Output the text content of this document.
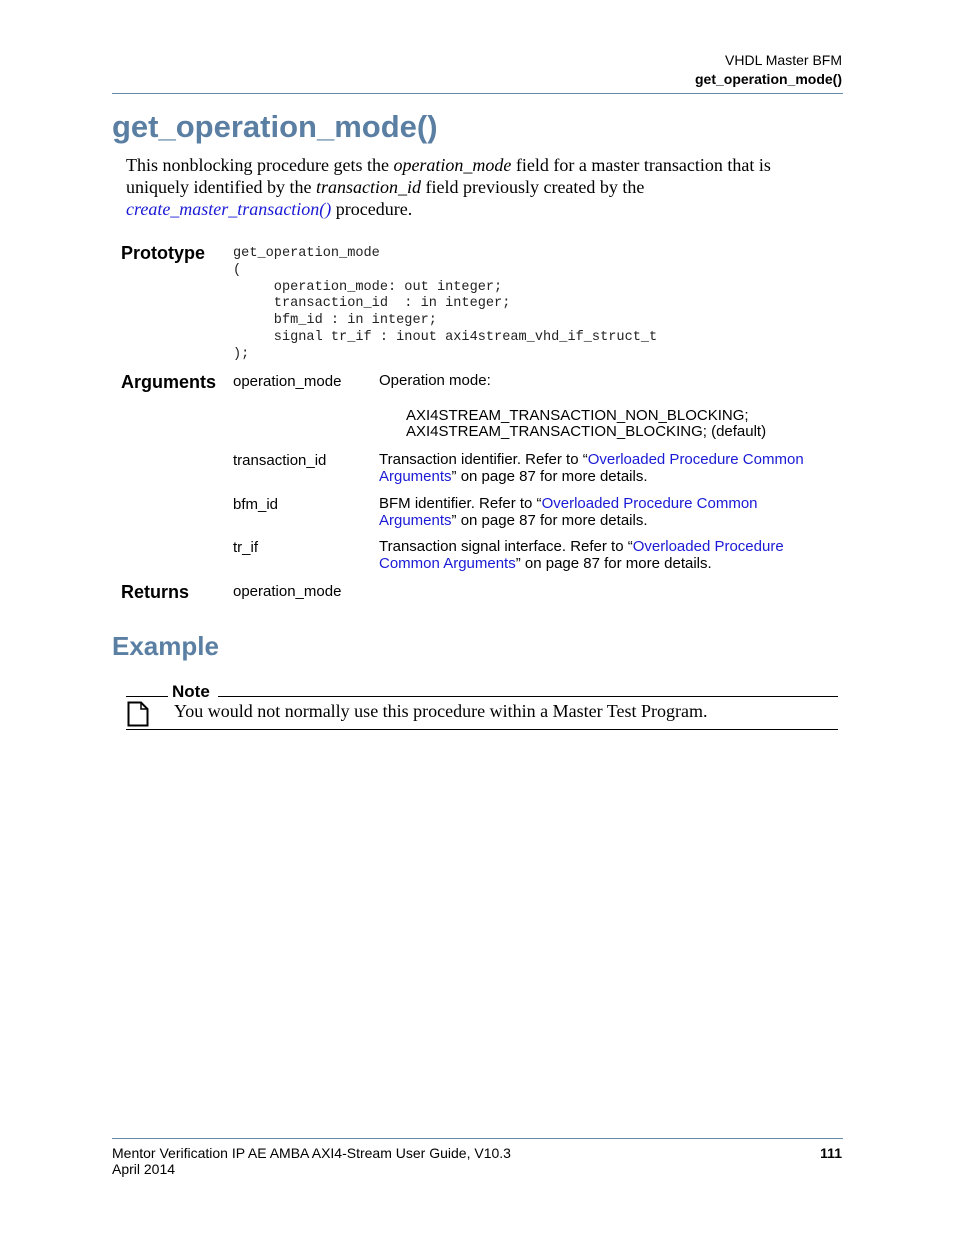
VHDL Master BFM
get_operation_mode()
get_operation_mode()
This nonblocking procedure gets the operation_mode field for a master transaction that is uniquely identified by the transaction_id field previously created by the create_master_transaction() procedure.
Prototype get_operation_mode
(
operation_mode: out integer;
transaction_id  : in integer;
bfm_id : in integer;
signal tr_if : inout axi4stream_vhd_if_struct_t
);
Arguments operation_mode	Operation mode:
AXI4STREAM_TRANSACTION_NON_BLOCKING;
AXI4STREAM_TRANSACTION_BLOCKING; (default)
transaction_id	Transaction identifier. Refer to “Overloaded Procedure Common Arguments” on page 87 for more details.
bfm_id	BFM identifier. Refer to “Overloaded Procedure Common Arguments” on page 87 for more details.
tr_if	Transaction signal interface. Refer to “Overloaded Procedure Common Arguments” on page 87 for more details.
Returns	operation_mode
Example
Note
You would not normally use this procedure within a Master Test Program.
Mentor Verification IP AE AMBA AXI4-Stream User Guide, V10.3
April 2014
111
